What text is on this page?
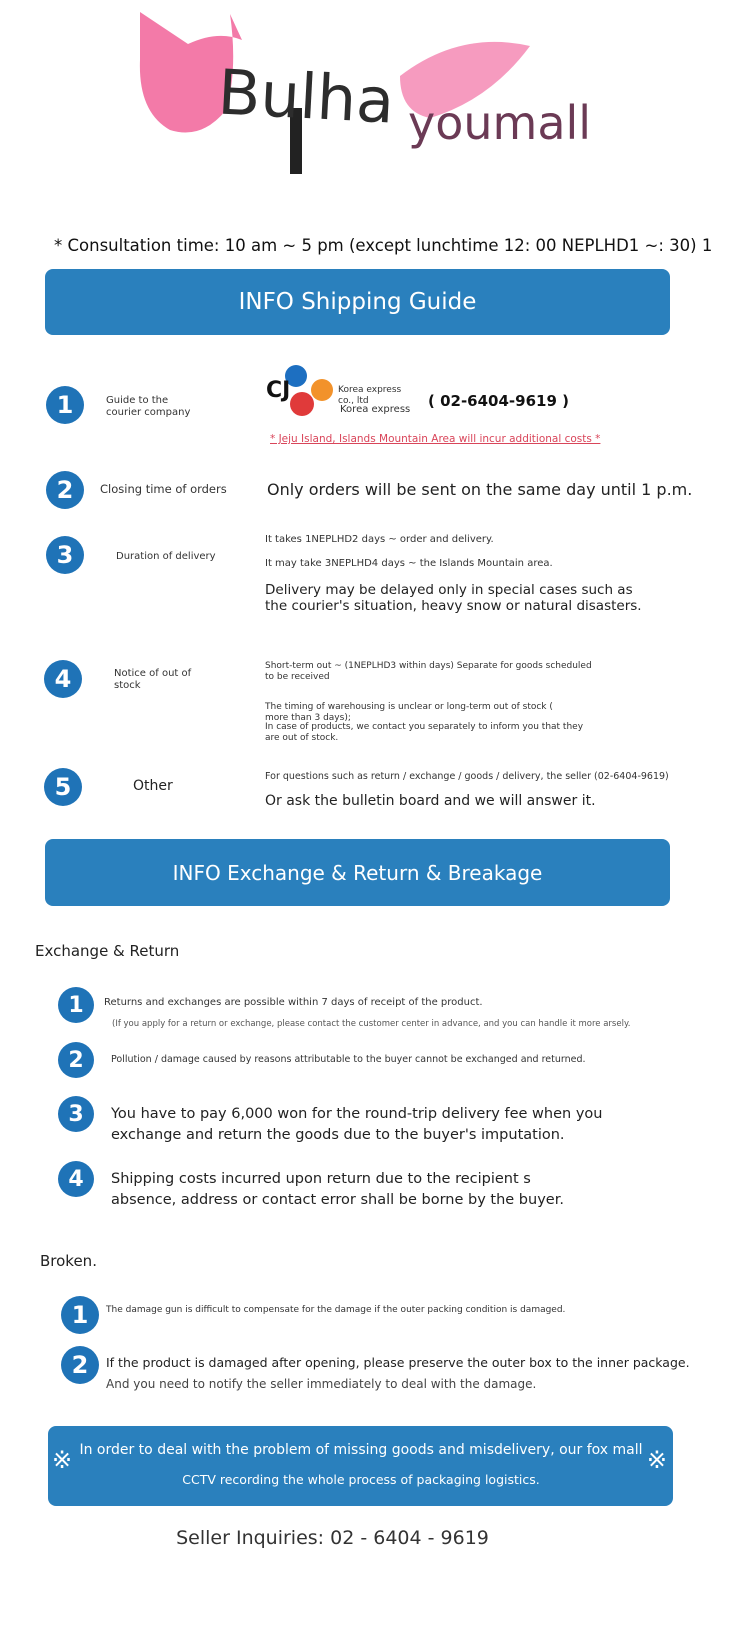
Bulha youmall
* Consultation time: 10 am ~ 5 pm (except lunchtime 12: 00 NEPLHD1 ~: 30) 1
INFO Shipping Guide
1	Guide to the courier company
CJ	Korea express
co., ltd
Korea express ( 02-6404-9619 )
* Jeju Island, Islands Mountain Area will incur additional costs *
2	Closing time of orders	Only orders will be sent on the same day until 1 p.m.
3	Duration of delivery
It takes 1NEPLHD2 days ~ order and delivery.
It may take 3NEPLHD4 days ~ the Islands Mountain area.
Delivery may be delayed only in special cases such as
the courier's situation, heavy snow or natural disasters.
4	Notice of out of stock
Short-term out ~ (1NEPLHD3 within days) Separate for goods scheduled
to be received
The timing of warehousing is unclear or long-term out of stock (
more than 3 days);
In case of products, we contact you separately to inform you that they
are out of stock.
5	Other
For questions such as return / exchange / goods / delivery, the seller (02-6404-9619)
Or ask the bulletin board and we will answer it.
INFO Exchange & Return & Breakage
Exchange & Return
1	Returns and exchanges are possible within 7 days of receipt of the product.
(If you apply for a return or exchange, please contact the customer center in advance, and you can handle it more arsely.
2	Pollution / damage caused by reasons attributable to the buyer cannot be exchanged and returned.
3	You have to pay 6,000 won for the round-trip delivery fee when you
exchange and return the goods due to the buyer's imputation.
4	Shipping costs incurred upon return due to the recipient s
absence, address or contact error shall be borne by the buyer.
Broken.
1	The damage gun is difficult to compensate for the damage if the outer packing condition is damaged.
2	If the product is damaged after opening, please preserve the outer box to the inner package.
And you need to notify the seller immediately to deal with the damage.
※	※
In order to deal with the problem of missing goods and misdelivery, our fox mall
CCTV recording the whole process of packaging logistics.
Seller Inquiries: 02 - 6404 - 9619
